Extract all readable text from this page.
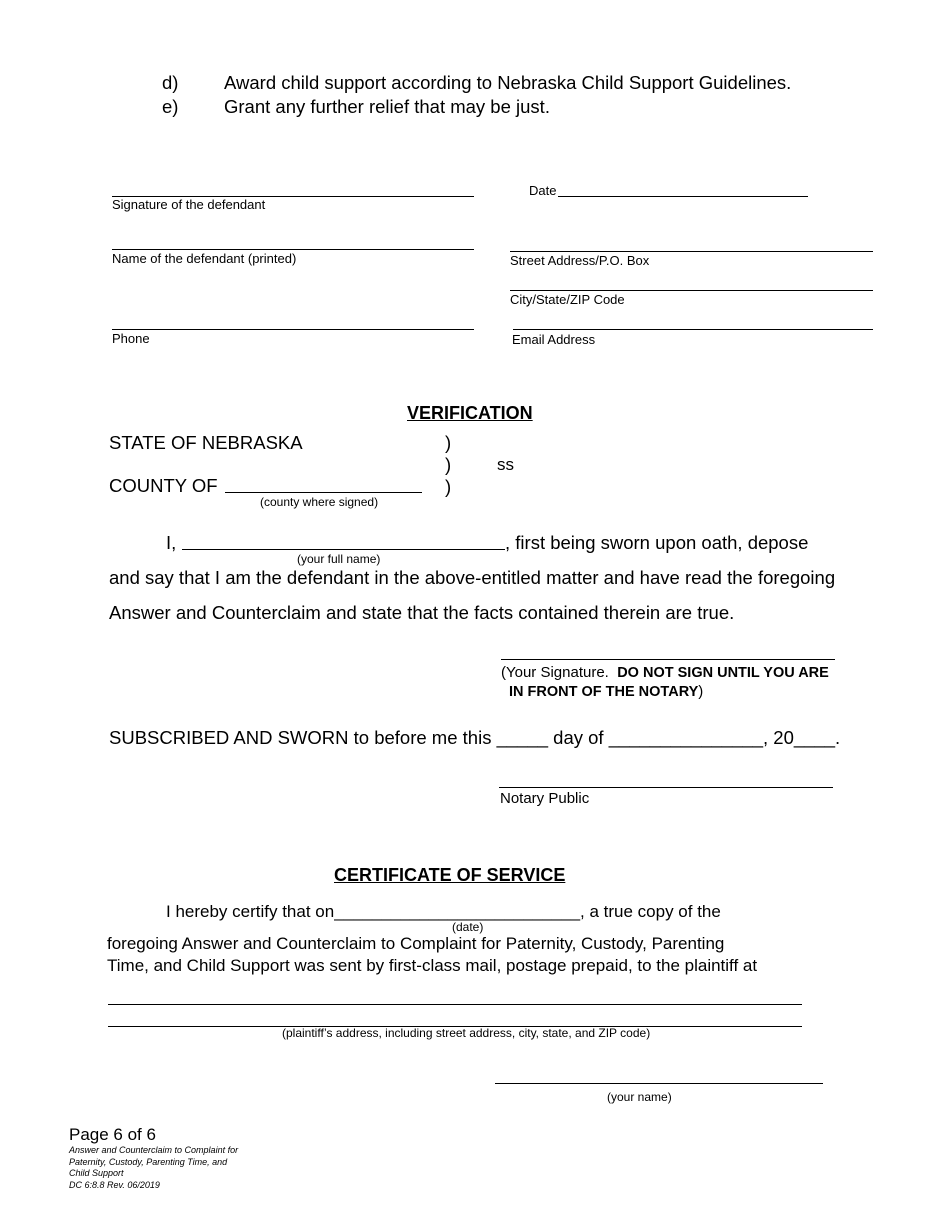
d) Award child support according to Nebraska Child Support Guidelines.
e) Grant any further relief that may be just.
Signature of the defendant
Date
Name of the defendant (printed)	Street Address/P.O. Box
City/State/ZIP Code
Phone	Email Address
VERIFICATION
STATE OF NEBRASKA
COUNTY OF
(county where signed)
)
)
)
ss
I,	, first being sworn upon oath, depose
(your full name)
and say that I am the defendant in the above-entitled matter and have read the foregoing
Answer and Counterclaim and state that the facts contained therein are true.
(Your Signature. DO NOT SIGN UNTIL YOU ARE
IN FRONT OF THE NOTARY)
SUBSCRIBED AND SWORN to before me this _____ day of _______________, 20____.
Notary Public
CERTIFICATE OF SERVICE
I hereby certify that on__________________________, a true copy of the
(date)
foregoing Answer and Counterclaim to Complaint for Paternity, Custody, Parenting
Time, and Child Support was sent by first-class mail, postage prepaid, to the plaintiff at
(plaintiff’s address, including street address, city, state, and ZIP code)
(your name)
Page 6 of 6
Answer and Counterclaim to Complaint for
Paternity, Custody, Parenting Time, and
Child Support
DC 6:8.8 Rev. 06/2019
